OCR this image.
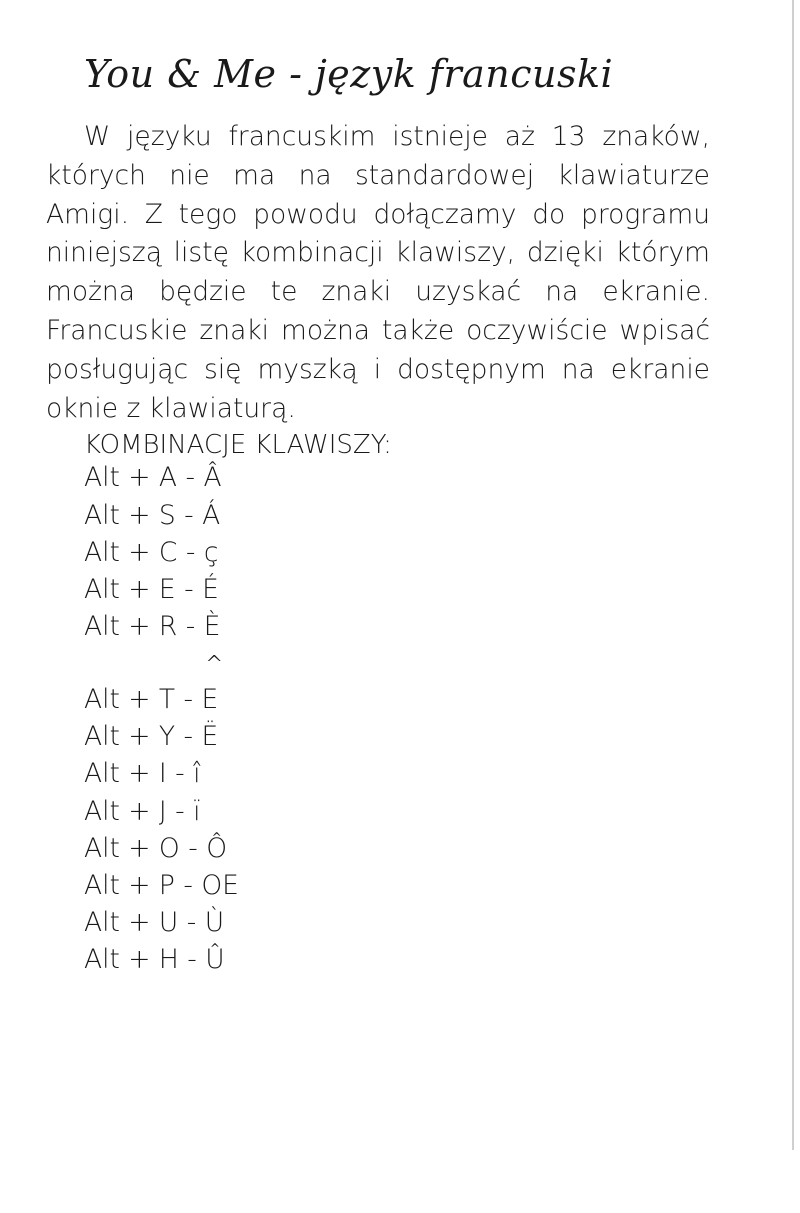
You & Me - język francuski
W języku francuskim istnieje aż 13 znaków, których nie ma na standardowej klawiaturze Amigi. Z tego powodu dołączamy do programu niniejszą listę kombinacji klawiszy, dzięki którym można będzie te znaki uzyskać na ekranie. Francuskie znaki można także oczywiście wpisać posługując się myszką i dostępnym na ekranie oknie z klawiaturą.
KOMBINACJE KLAWISZY:
^
Alt + A - Â
Alt + S - Á
Alt + C - ç
Alt + E - É
Alt + R - È
Alt + T - E
Alt + Y - Ë
Alt + I - î
Alt + J - ï
Alt + O - Ô
Alt + P - OE
Alt + U - Ù
Alt + H - Û
